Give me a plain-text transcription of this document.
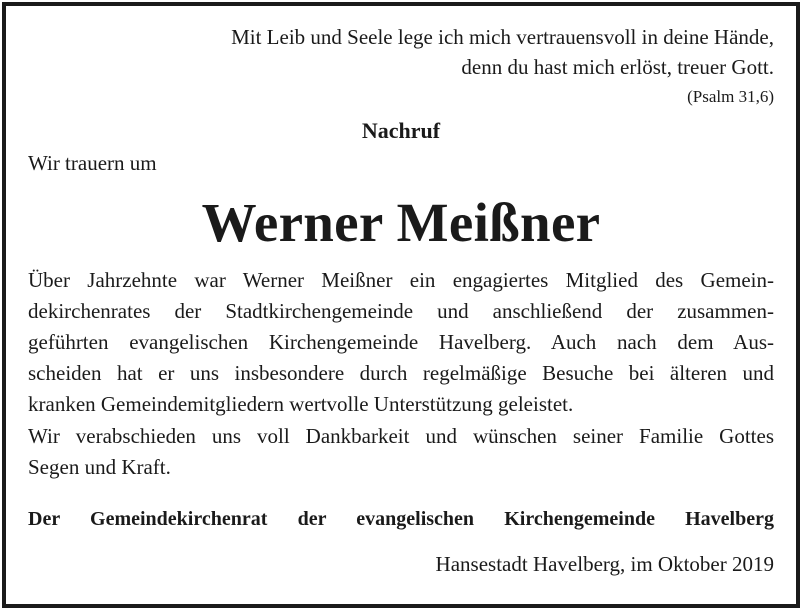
Mit Leib und Seele lege ich mich vertrauensvoll in deine Hände,
denn du hast mich erlöst, treuer Gott.
(Psalm 31,6)
Nachruf
Wir trauern um
Werner Meißner
Über Jahrzehnte war Werner Meißner ein engagiertes Mitglied des Gemein-
dekirchenrates der Stadtkirchengemeinde und anschließend der zusammen-
geführten evangelischen Kirchengemeinde Havelberg. Auch nach dem Aus-
scheiden hat er uns insbesondere durch regelmäßige Besuche bei älteren und
kranken Gemeindemitgliedern wertvolle Unterstützung geleistet.
Wir verabschieden uns voll Dankbarkeit und wünschen seiner Familie Gottes
Segen und Kraft.
Der Gemeindekirchenrat der evangelischen Kirchengemeinde Havelberg
Hansestadt Havelberg, im Oktober 2019
